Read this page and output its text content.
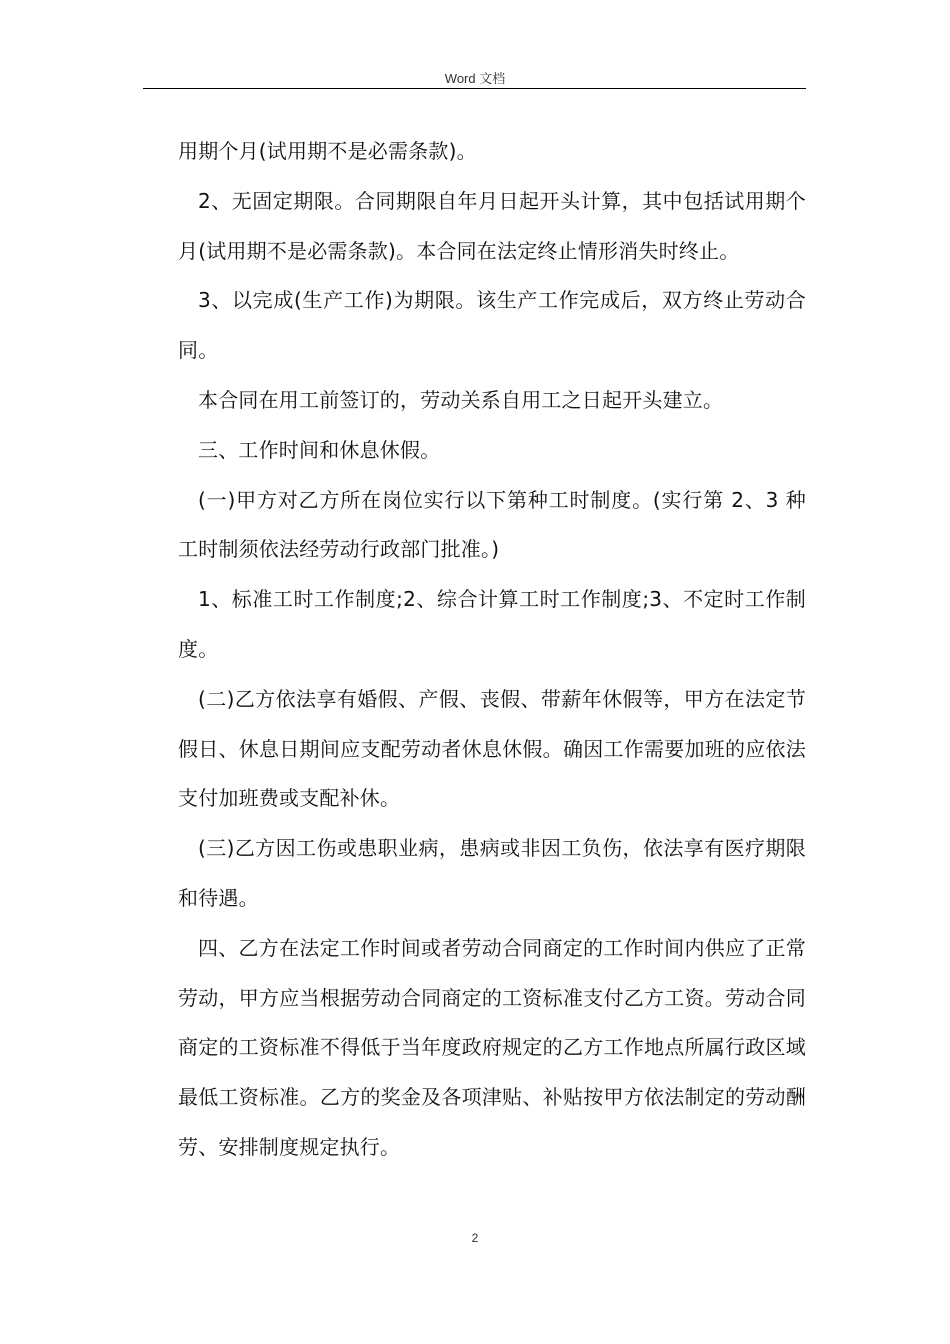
Word 文档

用期个月(试用期不是必需条款)。

2、无固定期限。合同期限自年月日起开头计算，其中包括试用期个月(试用期不是必需条款)。本合同在法定终止情形消失时终止。

3、以完成(生产工作)为期限。该生产工作完成后，双方终止劳动合同。

本合同在用工前签订的，劳动关系自用工之日起开头建立。

三、工作时间和休息休假。

(一)甲方对乙方所在岗位实行以下第种工时制度。(实行第 2、3 种工时制须依法经劳动行政部门批准。)

1、标准工时工作制度;2、综合计算工时工作制度;3、不定时工作制度。

(二)乙方依法享有婚假、产假、丧假、带薪年休假等，甲方在法定节假日、休息日期间应支配劳动者休息休假。确因工作需要加班的应依法支付加班费或支配补休。

(三)乙方因工伤或患职业病，患病或非因工负伤，依法享有医疗期限和待遇。

四、乙方在法定工作时间或者劳动合同商定的工作时间内供应了正常劳动，甲方应当根据劳动合同商定的工资标准支付乙方工资。劳动合同商定的工资标准不得低于当年度政府规定的乙方工作地点所属行政区域最低工资标准。乙方的奖金及各项津贴、补贴按甲方依法制定的劳动酬劳、安排制度规定执行。

2
